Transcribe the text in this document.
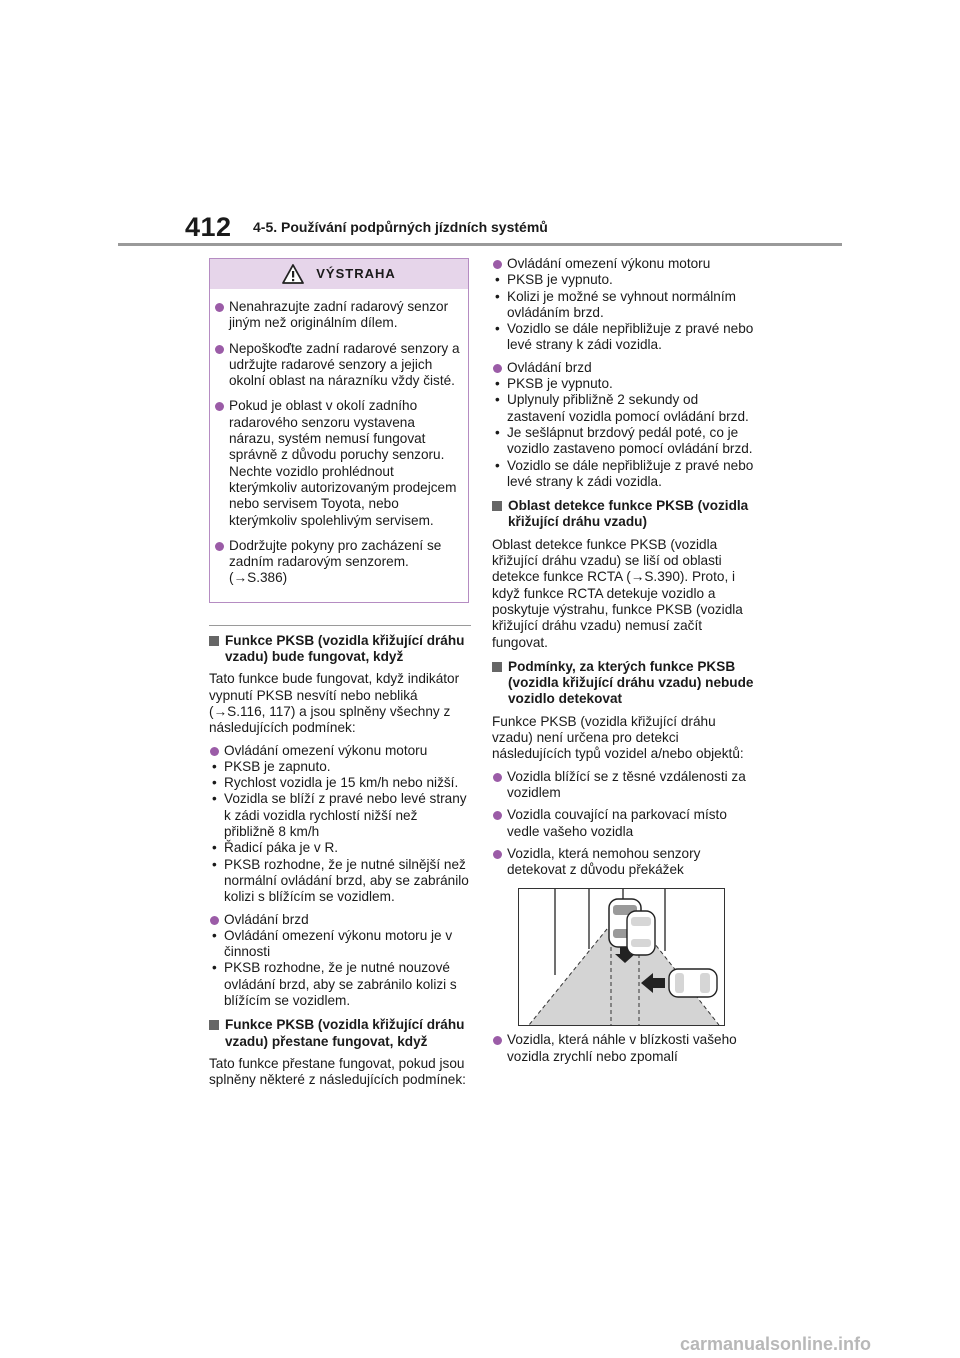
412 4-5. Používání podpůrných jízdních systémů
VÝSTRAHA
Nenahrazujte zadní radarový senzor jiným než originálním dílem.
Nepoškoďte zadní radarové senzory a udržujte radarové senzory a jejich okolní oblast na nárazníku vždy čisté.
Pokud je oblast v okolí zadního radarového senzoru vystavena nárazu, systém nemusí fungovat správně z důvodu poruchy senzoru. Nechte vozidlo prohlédnout kterýmkoliv autorizovaným prodejcem nebo servisem Toyota, nebo kterýmkoliv spolehlivým servisem.
Dodržujte pokyny pro zacházení se zadním radarovým senzorem. (→S.386)
Funkce PKSB (vozidla křižující dráhu vzadu) bude fungovat, když

Tato funkce bude fungovat, když indikátor vypnutí PKSB nesvítí nebo nebliká (→S.116, 117) a jsou splněny všechny z následujících podmínek:

Ovládání omezení výkonu motoru
• PKSB je zapnuto.
• Rychlost vozidla je 15 km/h nebo nižší.
• Vozidla se blíží z pravé nebo levé strany k zádi vozidla rychlostí nižší než přibližně 8 km/h
• Řadicí páka je v R.
• PKSB rozhodne, že je nutné silnější než normální ovládání brzd, aby se zabránilo kolizi s blížícím se vozidlem.
Ovládání brzd
• Ovládání omezení výkonu motoru je v činnosti
• PKSB rozhodne, že je nutné nouzové ovládání brzd, aby se zabránilo kolizi s blížícím se vozidlem.
Funkce PKSB (vozidla křižující dráhu vzadu) přestane fungovat, když

Tato funkce přestane fungovat, pokud jsou splněny některé z následujících podmínek:

Ovládání omezení výkonu motoru
• PKSB je vypnuto.
• Kolizi je možné se vyhnout normálním ovládáním brzd.
• Vozidlo se dále nepřibližuje z pravé nebo levé strany k zádi vozidla.
Ovládání brzd
• PKSB je vypnuto.
• Uplynuly přibližně 2 sekundy od zastavení vozidla pomocí ovládání brzd.
• Je sešlápnut brzdový pedál poté, co je vozidlo zastaveno pomocí ovládání brzd.
• Vozidlo se dále nepřibližuje z pravé nebo levé strany k zádi vozidla.
Oblast detekce funkce PKSB (vozidla křižující dráhu vzadu)

Oblast detekce funkce PKSB (vozidla křižující dráhu vzadu) se liší od oblasti detekce funkce RCTA (→S.390). Proto, i když funkce RCTA detekuje vozidlo a poskytuje výstrahu, funkce PKSB (vozidla křižující dráhu vzadu) nemusí začít fungovat.

Podmínky, za kterých funkce PKSB (vozidla křižující dráhu vzadu) nebude vozidlo detekovat

Funkce PKSB (vozidla křižující dráhu vzadu) není určena pro detekci následujících typů vozidel a/nebo objektů:

Vozidla blížící se z těsné vzdálenosti za vozidlem
Vozidla couvající na parkovací místo vedle vašeho vozidla
Vozidla, která nemohou senzory detekovat z důvodu překážek
Vozidla, která náhle v blízkosti vašeho vozidla zrychlí nebo zpomalí
carmanualsonline.info
